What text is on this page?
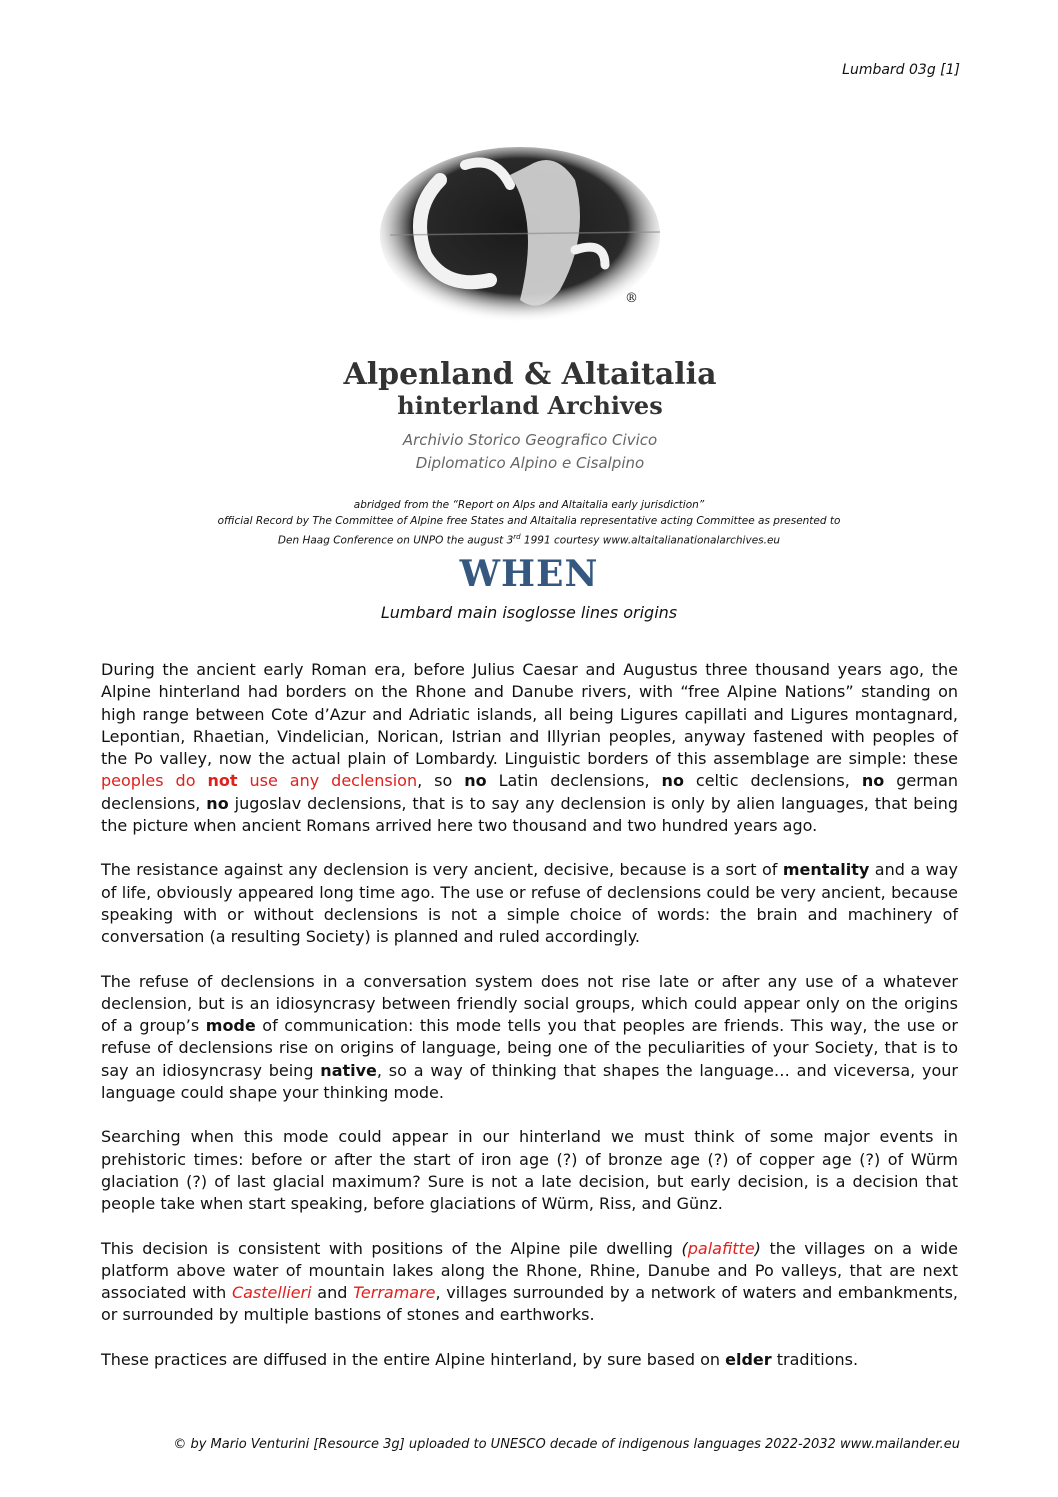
Lumbard 03g [1]
®
Alpenland & Altaitalia
hinterland Archives
Archivio Storico Geografico Civico
Diplomatico Alpino e Cisalpino
abridged from the “Report on Alps and Altaitalia early jurisdiction”
official Record by The Committee of Alpine free States and Altaitalia representative acting Committee as presented to
Den Haag Conference on UNPO the august 3rd 1991 courtesy www.altaitalianationalarchives.eu
WHEN
Lumbard main isoglosse lines origins

During the ancient early Roman era, before Julius Caesar and Augustus three thousand years ago, the Alpine hinterland had borders on the Rhone and Danube rivers, with “free Alpine Nations” standing on high range between Cote d’Azur and Adriatic islands, all being Ligures capillati and Ligures montagnard, Lepontian, Rhaetian, Vindelician, Norican, Istrian and Illyrian peoples, anyway fastened with peoples of the Po valley, now the actual plain of Lombardy. Linguistic borders of this assemblage are simple: these peoples do not use any declension, so no Latin declensions, no celtic declensions, no german declensions, no jugoslav declensions, that is to say any declension is only by alien languages, that being the picture when ancient Romans arrived here two thousand and two hundred years ago.

The resistance against any declension is very ancient, decisive, because is a sort of mentality and a way of life, obviously appeared long time ago. The use or refuse of declensions could be very ancient, because speaking with or without declensions is not a simple choice of words: the brain and machinery of conversation (a resulting Society) is planned and ruled accordingly.

The refuse of declensions in a conversation system does not rise late or after any use of a whatever declension, but is an idiosyncrasy between friendly social groups, which could appear only on the origins of a group’s mode of communication: this mode tells you that peoples are friends. This way, the use or refuse of declensions rise on origins of language, being one of the peculiarities of your Society, that is to say an idiosyncrasy being native, so a way of thinking that shapes the language… and viceversa, your language could shape your thinking mode.

Searching when this mode could appear in our hinterland we must think of some major events in prehistoric times: before or after the start of iron age (?) of bronze age (?) of copper age (?) of Würm glaciation (?) of last glacial maximum? Sure is not a late decision, but early decision, is a decision that people take when start speaking, before glaciations of Würm, Riss, and Günz.

This decision is consistent with positions of the Alpine pile dwelling (palafitte) the villages on a wide platform above water of mountain lakes along the Rhone, Rhine, Danube and Po valleys, that are next associated with Castellieri and Terramare, villages surrounded by a network of waters and embankments, or surrounded by multiple bastions of stones and earthworks.

These practices are diffused in the entire Alpine hinterland, by sure based on elder traditions.

© by Mario Venturini [Resource 3g] uploaded to UNESCO decade of indigenous languages 2022-2032 www.mailander.eu
